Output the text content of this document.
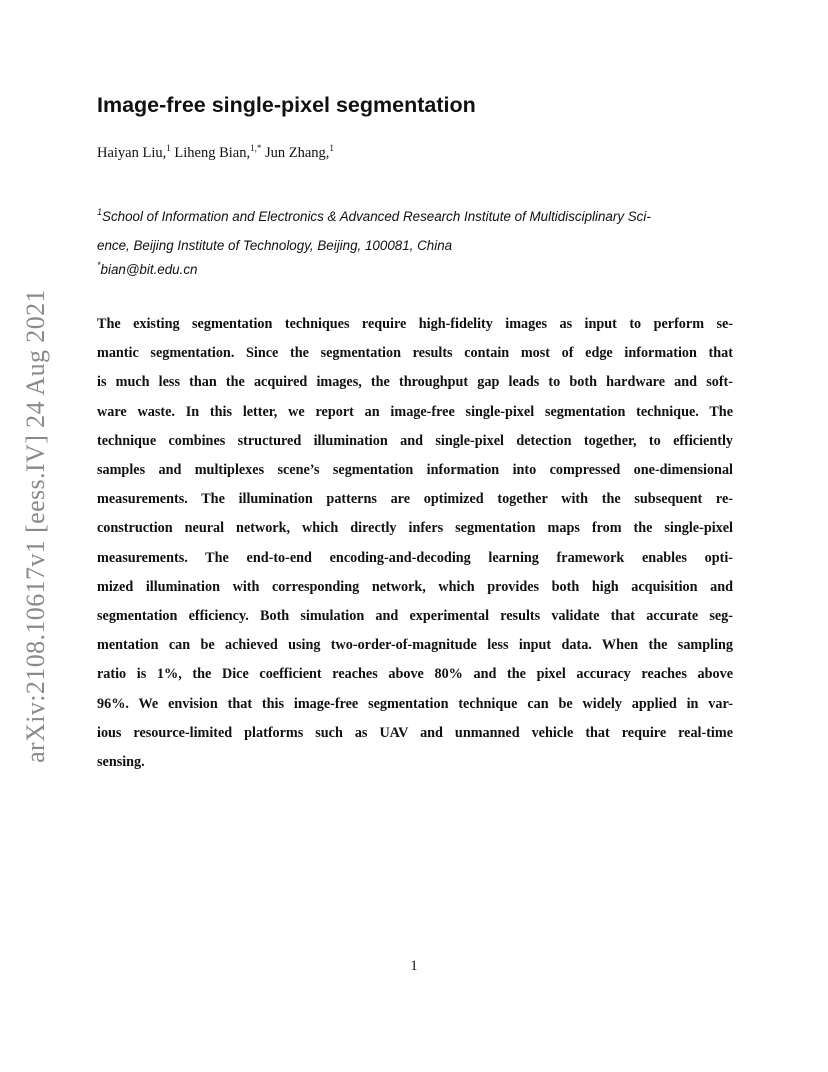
arXiv:2108.10617v1 [eess.IV] 24 Aug 2021
Image-free single-pixel segmentation
Haiyan Liu,$^1$ Liheng Bian,$^{1,*}$ Jun Zhang,$^1$
$^1$School of Information and Electronics & Advanced Research Institute of Multidisciplinary Sci-
ence, Beijing Institute of Technology, Beijing, 100081, China
*bian@bit.edu.cn
The existing segmentation techniques require high-fidelity images as input to perform se-
mantic segmentation. Since the segmentation results contain most of edge information that
is much less than the acquired images, the throughput gap leads to both hardware and soft-
ware waste. In this letter, we report an image-free single-pixel segmentation technique. The
technique combines structured illumination and single-pixel detection together, to efficiently
samples and multiplexes scene’s segmentation information into compressed one-dimensional
measurements. The illumination patterns are optimized together with the subsequent re-
construction neural network, which directly infers segmentation maps from the single-pixel
measurements. The end-to-end encoding-and-decoding learning framework enables opti-
mized illumination with corresponding network, which provides both high acquisition and
segmentation efficiency. Both simulation and experimental results validate that accurate seg-
mentation can be achieved using two-order-of-magnitude less input data. When the sampling
ratio is 1%, the Dice coefficient reaches above 80% and the pixel accuracy reaches above
96%. We envision that this image-free segmentation technique can be widely applied in var-
ious resource-limited platforms such as UAV and unmanned vehicle that require real-time
sensing.
1
